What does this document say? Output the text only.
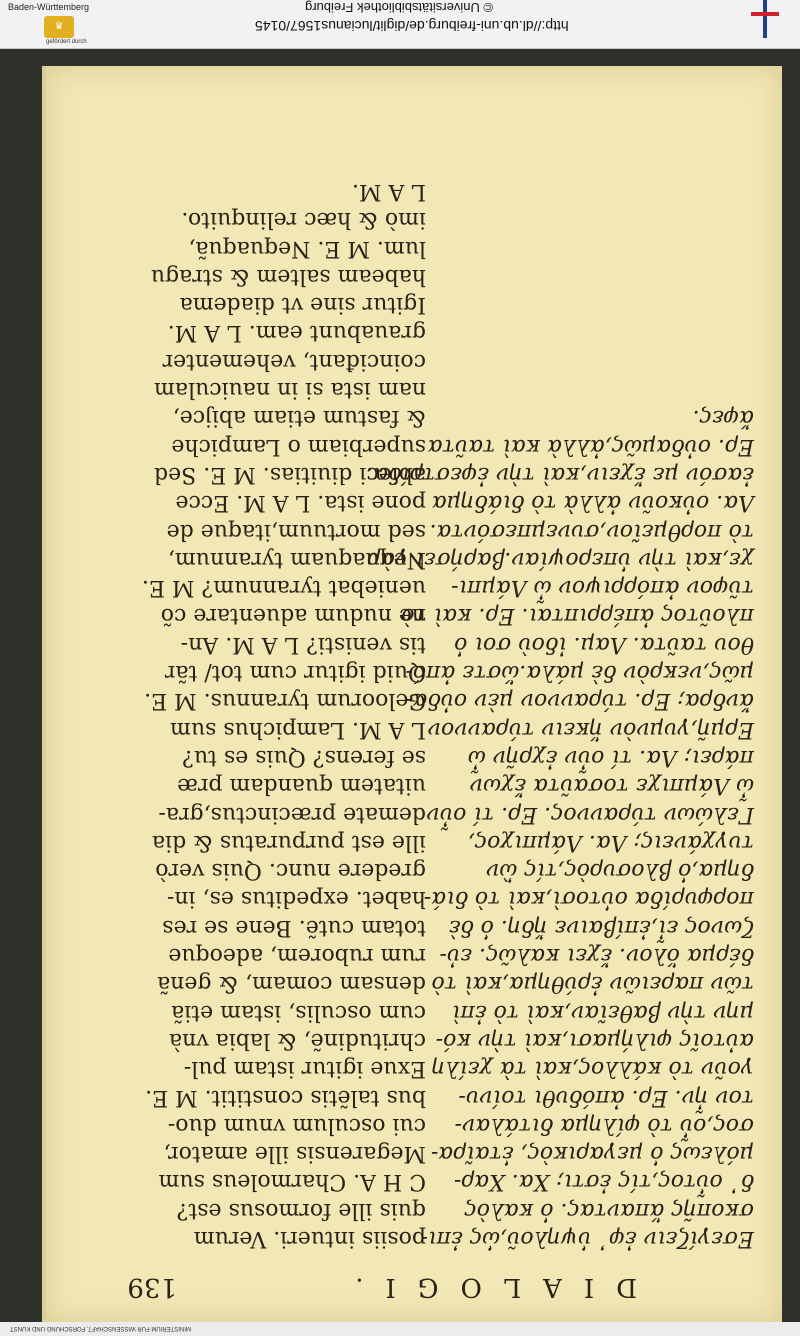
Baden-Württemberg
♛
gefördert durch
http://dl.ub.uni-freiburg.de/diglit/lucianus1567/0145
© Universitätsbibliothek Freiburg
DIALOGI.
139
Εσεγίζειν ἐφ᾽ ὑψηλοῦ,ὡς ἐπι-
σκοπῆς ἅπαντας. ὁ καλὸς
δ᾽ οὗτος,τίς ἐστι; Χα. Χαρ-
μόλεως ὁ μεγαρικὸς, ἑταῖρα-
σος,οὗ τὸ φίλημα διτάλαν-
τον ἦν. Ερ. ἀπόδυθι τοίνυ-
γοῦν τὸ κάλλος,καὶ τὰ χείλη
αὐτοῖς φιλήμασι,καὶ τὴν κό-
μην τὴν βαθεῖαν,καὶ τὸ ἐπὶ
τῶν παρειῶν ἐρύθημα,καὶ τὸ
δέρμα ὅλον. ἔχει καλῶς. εὐ-
ζωνος εἶ,ἐπίβαινε ἤδη. ὁ δὲ
πορφυρίδα οὑτοσὶ,καὶ τὸ διά-
δημα,ὁ βλοσυρὸς,τίς ὢν
τυγχάνεις; Λα. Λάμπιχος,
Γελώων τύραννος. Ερ. τί οὖν
ὦ Λάμπιχε τοσαῦτα ἔχων
πάρει; Λα. τί οὖν ἐχρῆν ὦ
Ερμῆ,γυμνὸν ἥκειν τύραννον
ἄνδρα; Ερ. τύραννον μὲν οὐδα-
μῶς,νεκρὸν δὲ μάλα.ὥστε ἀπό-
θου ταῦτα. Λαμ. ἰδοὺ σοι ὁ
πλοῦτος ἀπέρριπται. Ερ. καὶ τὸ
τῦφον ἀπόρριψον ὦ Λάμπι-
χε,καὶ τὴν ὑπεροψίαν.βαρήσει γὰρ
τὸ πορθμεῖον,συνεμπεσόντα.
Λα. οὐκοῦν ἀλλὰ τὸ διάδημα
ἐασόν με ἔχειν,καὶ τὴν ἐφεστρίδα.
Ερ. οὐδαμῶς,ἀλλὰ καὶ ταῦτα
ἄφες.
posiis intueri. Verum
quis ille formosus est?
C H A. Charmoleus sum
Megarensis ille amator,
cui osculum vnum duo-
bus talẽtis constitit. M E.
Exue igitur istam pul-
chritudinẽ, & labia vnà
cum osculis, istam etiã
densam comam, & genã
rum ruborem, adeoque
totam cutẽ. Bene se res
habet. expeditus es, in-
gredere nunc. Quis verò
ille est purpuratus & dia
demate præcinctus,gra-
uitatem quandam præ
se ferens? Quis es tu?
L A M. Lampichus sum
Geloorum tyrannus. M E.
Quid igitur cum tot/ tãr
tis venisti? L A M. An-
ne nudum aduentare cõ
ueniebat tyrannum? M E.
Nequaquam tyrannum,
sed mortuum,itaque de
pone ista. L A M. Ecce
abieci diuitias. M E. Sed
superbiam o Lampiche
& fastum etiam abijce,
nam ista si in nauiculam
coinciđant, vehementer
grauabunt eam. L A M.
Igitur sine vt diadema
habeam saltem & stragu
lum. M E. Nequaquã,
imò & hæc relinquito.
L A M.
MINISTERIUM FÜR WISSENSCHAFT, FORSCHUNG UND KUNST
